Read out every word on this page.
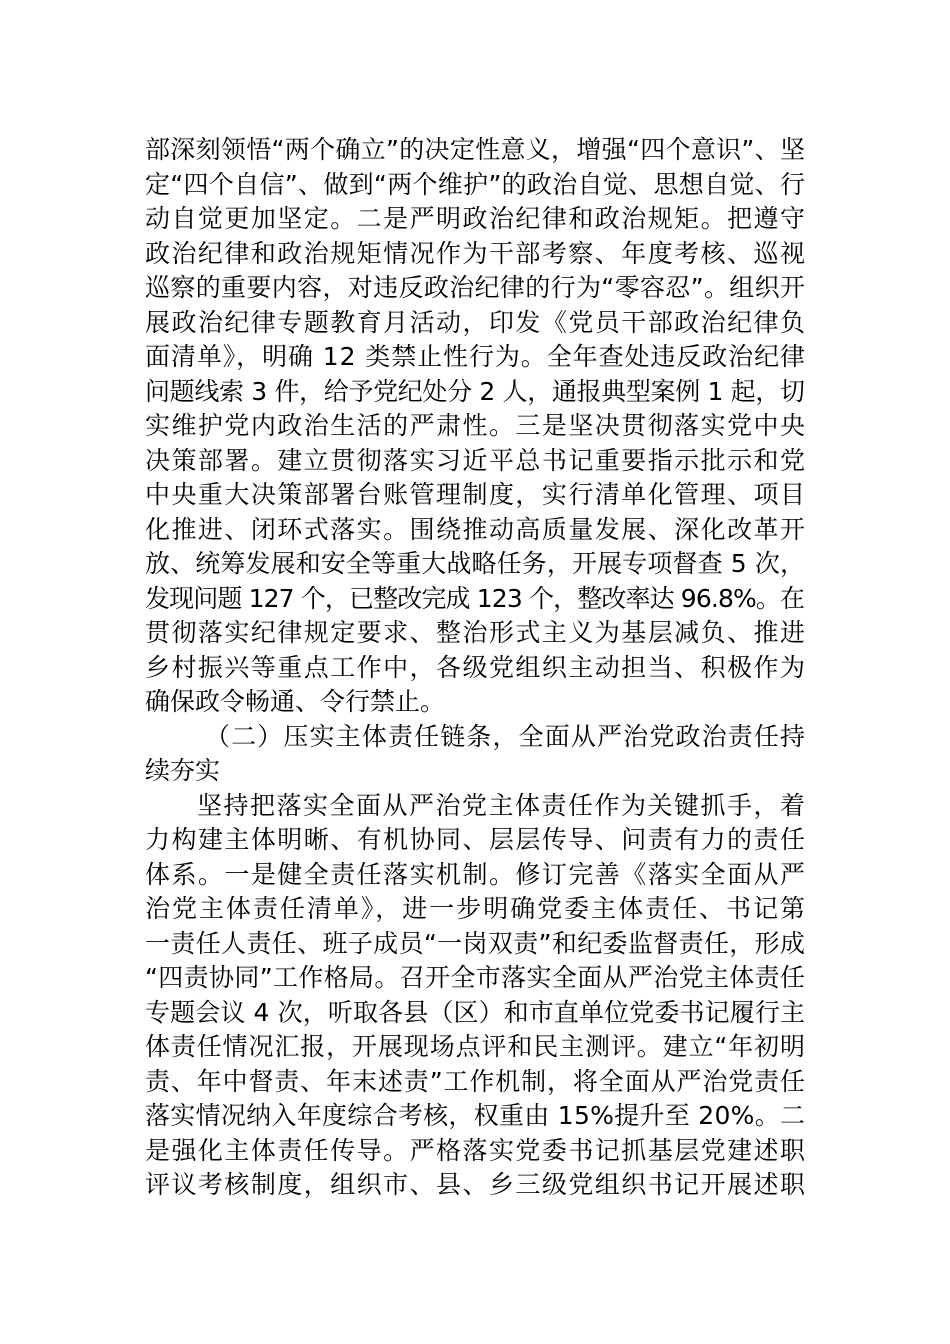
部深刻领悟“两个确立”的决定性意义，增强“四个意识”、坚
定“四个自信”、做到“两个维护”的政治自觉、思想自觉、行
动自觉更加坚定。二是严明政治纪律和政治规矩。把遵守
政治纪律和政治规矩情况作为干部考察、年度考核、巡视
巡察的重要内容，对违反政治纪律的行为“零容忍”。组织开
展政治纪律专题教育月活动，印发《党员干部政治纪律负
面清单》，明确 12 类禁止性行为。全年查处违反政治纪律
问题线索 3 件，给予党纪处分 2 人，通报典型案例 1 起，切
实维护党内政治生活的严肃性。三是坚决贯彻落实党中央
决策部署。建立贯彻落实习近平总书记重要指示批示和党
中央重大决策部署台账管理制度，实行清单化管理、项目
化推进、闭环式落实。围绕推动高质量发展、深化改革开
放、统筹发展和安全等重大战略任务，开展专项督查 5 次，
发现问题 127 个，已整改完成 123 个，整改率达 96.8%。在
贯彻落实纪律规定要求、整治形式主义为基层减负、推进
乡村振兴等重点工作中，各级党组织主动担当、积极作为
确保政令畅通、令行禁止。
（二）压实主体责任链条，全面从严治党政治责任持
续夯实
坚持把落实全面从严治党主体责任作为关键抓手，着
力构建主体明晰、有机协同、层层传导、问责有力的责任
体系。一是健全责任落实机制。修订完善《落实全面从严
治党主体责任清单》，进一步明确党委主体责任、书记第
一责任人责任、班子成员“一岗双责”和纪委监督责任，形成
“四责协同”工作格局。召开全市落实全面从严治党主体责任
专题会议 4 次，听取各县（区）和市直单位党委书记履行主
体责任情况汇报，开展现场点评和民主测评。建立“年初明
责、年中督责、年末述责”工作机制，将全面从严治党责任
落实情况纳入年度综合考核，权重由 15%提升至 20%。二
是强化主体责任传导。严格落实党委书记抓基层党建述职
评议考核制度，组织市、县、乡三级党组织书记开展述职
